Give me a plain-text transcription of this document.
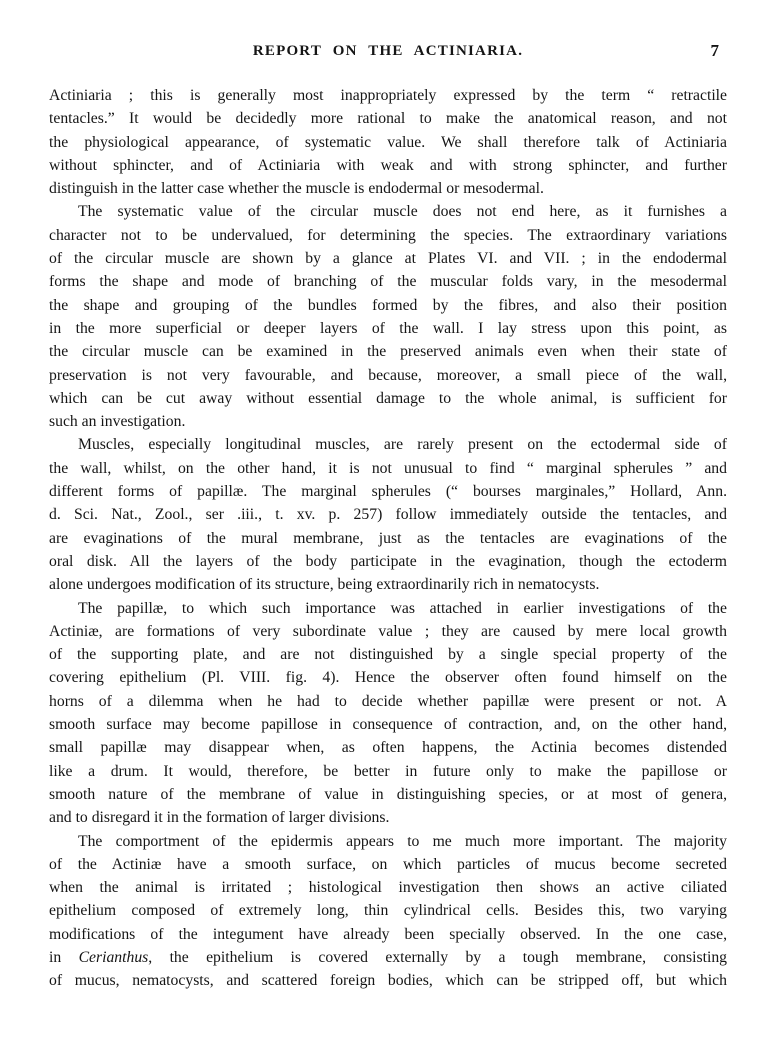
REPORT ON THE ACTINIARIA.	7
Actiniaria ; this is generally most inappropriately expressed by the term “ retractile
tentacles.” It would be decidedly more rational to make the anatomical reason, and not
the physiological appearance, of systematic value. We shall therefore talk of Actiniaria
without sphincter, and of Actiniaria with weak and with strong sphincter, and further
distinguish in the latter case whether the muscle is endodermal or mesodermal.
The systematic value of the circular muscle does not end here, as it furnishes a
character not to be undervalued, for determining the species. The extraordinary variations
of the circular muscle are shown by a glance at Plates VI. and VII. ; in the endodermal
forms the shape and mode of branching of the muscular folds vary, in the mesodermal
the shape and grouping of the bundles formed by the fibres, and also their position
in the more superficial or deeper layers of the wall. I lay stress upon this point, as
the circular muscle can be examined in the preserved animals even when their state of
preservation is not very favourable, and because, moreover, a small piece of the wall,
which can be cut away without essential damage to the whole animal, is sufficient for
such an investigation.
Muscles, especially longitudinal muscles, are rarely present on the ectodermal side of
the wall, whilst, on the other hand, it is not unusual to find “ marginal spherules ” and
different forms of papillæ. The marginal spherules (“ bourses marginales,” Hollard, Ann.
d. Sci. Nat., Zool., ser .iii., t. xv. p. 257) follow immediately outside the tentacles, and
are evaginations of the mural membrane, just as the tentacles are evaginations of the
oral disk. All the layers of the body participate in the evagination, though the ectoderm
alone undergoes modification of its structure, being extraordinarily rich in nematocysts.
The papillæ, to which such importance was attached in earlier investigations of the
Actiniæ, are formations of very subordinate value ; they are caused by mere local growth
of the supporting plate, and are not distinguished by a single special property of the
covering epithelium (Pl. VIII. fig. 4). Hence the observer often found himself on the
horns of a dilemma when he had to decide whether papillæ were present or not. A
smooth surface may become papillose in consequence of contraction, and, on the other hand,
small papillæ may disappear when, as often happens, the Actinia becomes distended
like a drum. It would, therefore, be better in future only to make the papillose or
smooth nature of the membrane of value in distinguishing species, or at most of genera,
and to disregard it in the formation of larger divisions.
The comportment of the epidermis appears to me much more important. The majority
of the Actiniæ have a smooth surface, on which particles of mucus become secreted
when the animal is irritated ; histological investigation then shows an active ciliated
epithelium composed of extremely long, thin cylindrical cells. Besides this, two varying
modifications of the integument have already been specially observed. In the one case,
in Cerianthus, the epithelium is covered externally by a tough membrane, consisting
of mucus, nematocysts, and scattered foreign bodies, which can be stripped off, but which
